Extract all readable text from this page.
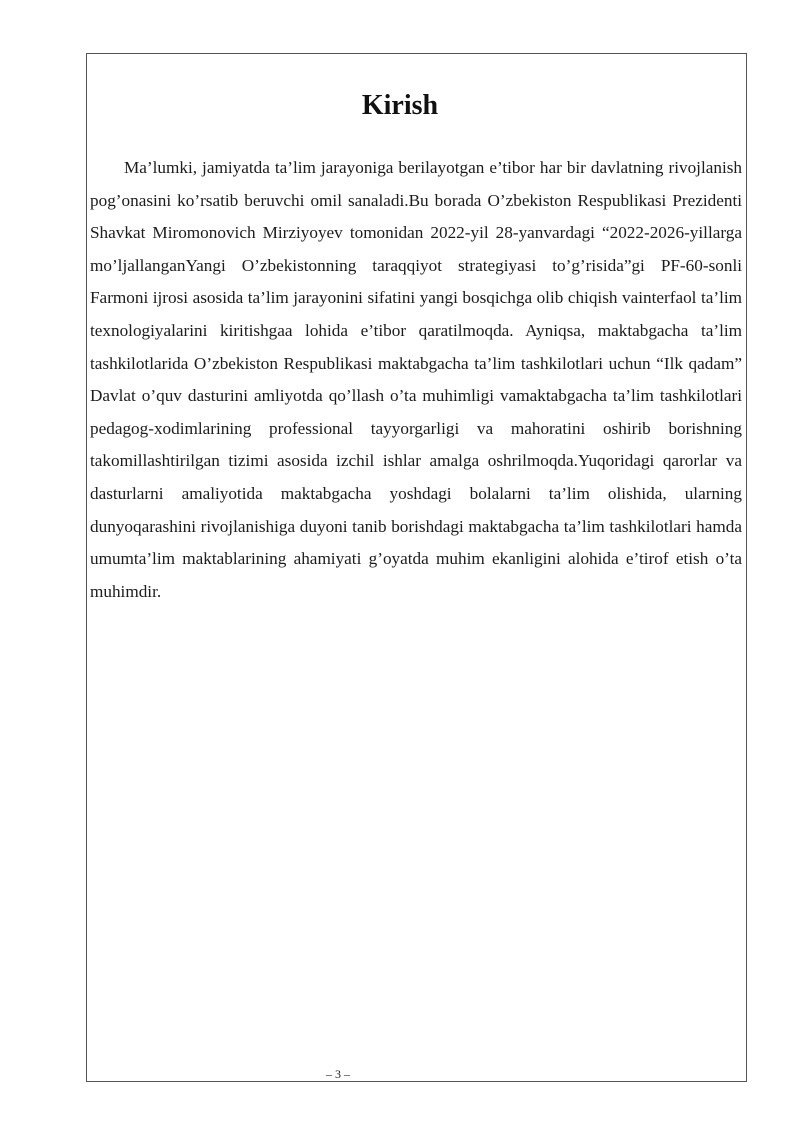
Kirish

Ma’lumki, jamiyatda ta’lim jarayoniga berilayotgan e’tibor har bir davlatning rivojlanish pog’onasini ko’rsatib beruvchi omil sanaladi.Bu borada O’zbekiston Respublikasi Prezidenti Shavkat Miromonovich Mirziyoyev tomonidan 2022-yil 28-yanvardagi “2022-2026-yillarga mo’ljallanganYangi O’zbekistonning taraqqiyot strategiyasi to’g’risida”gi PF-60-sonli Farmoni ijrosi asosida ta’lim jarayonini sifatini yangi bosqichga olib chiqish vainterfaol ta’lim texnologiyalarini kiritishgaa lohida e’tibor qaratilmoqda. Ayniqsa, maktabgacha ta’lim tashkilotlarida O’zbekiston Respublikasi maktabgacha ta’lim tashkilotlari uchun “Ilk qadam” Davlat o’quv dasturini amliyotda qo’llash o’ta muhimligi vamaktabgacha ta’lim tashkilotlari pedagog-xodimlarining professional tayyorgarligi va mahoratini oshirib borishning takomillashtirilgan tizimi asosida izchil ishlar amalga oshrilmoqda.Yuqoridagi qarorlar va dasturlarni amaliyotida maktabgacha yoshdagi bolalarni ta’lim olishida, ularning dunyoqarashini rivojlanishiga duyoni tanib borishdagi maktabgacha ta’lim tashkilotlari hamda umumta’lim maktablarining ahamiyati g’oyatda muhim ekanligini alohida e’tirof etish o’ta muhimdir.

– 3 –
